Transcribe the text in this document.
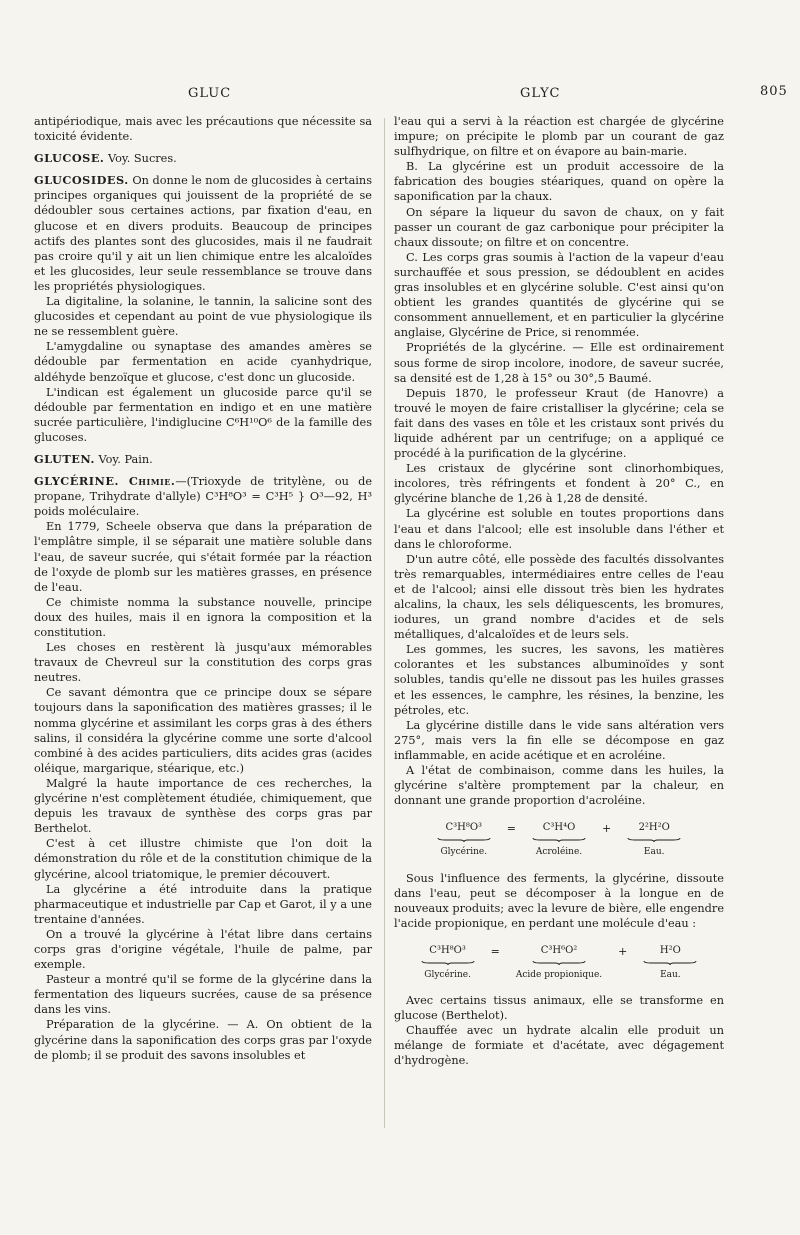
GLUC	GLYC	805

antipériodique, mais avec les précautions que nécessite sa toxicité évidente.

GLUCOSE. Voy. Sucres.

GLUCOSIDES. On donne le nom de glucosides à certains principes organiques qui jouissent de la propriété de se dédoubler sous certaines actions, par fixation d'eau, en glucose et en divers produits. Beaucoup de principes actifs des plantes sont des glucosides, mais il ne faudrait pas croire qu'il y ait un lien chimique entre les alcaloïdes et les glucosides, leur seule ressemblance se trouve dans les propriétés physiologiques.

La digitaline, la solanine, le tannin, la salicine sont des glucosides et cependant au point de vue physiologique ils ne se ressemblent guère.

L'amygdaline ou synaptase des amandes amères se dédouble par fermentation en acide cyanhydrique, aldéhyde benzoïque et glucose, c'est donc un glucoside.

L'indican est également un glucoside parce qu'il se dédouble par fermentation en indigo et en une matière sucrée particulière, l'indiglucine C⁶H¹⁰O⁶ de la famille des glucoses.

GLUTEN. Voy. Pain.

GLYCÉRINE. Chimie.—(Trioxyde de tritylène, ou de propane, Trihydrate d'allyle) C³H⁸O³ = C³H⁵ } O³—92, H³ poids moléculaire.

En 1779, Scheele observa que dans la préparation de l'emplâtre simple, il se séparait une matière soluble dans l'eau, de saveur sucrée, qui s'était formée par la réaction de l'oxyde de plomb sur les matières grasses, en présence de l'eau.

Ce chimiste nomma la substance nouvelle, principe doux des huiles, mais il en ignora la composition et la constitution.

Les choses en restèrent là jusqu'aux mémorables travaux de Chevreul sur la constitution des corps gras neutres.

Ce savant démontra que ce principe doux se sépare toujours dans la saponification des matières grasses; il le nomma glycérine et assimilant les corps gras à des éthers salins, il considéra la glycérine comme une sorte d'alcool combiné à des acides particuliers, dits acides gras (acides oléique, margarique, stéarique, etc.)

Malgré la haute importance de ces recherches, la glycérine n'est complètement étudiée, chimiquement, que depuis les travaux de synthèse des corps gras par Berthelot.

C'est à cet illustre chimiste que l'on doit la démonstration du rôle et de la constitution chimique de la glycérine, alcool triatomique, le premier découvert.

La glycérine a été introduite dans la pratique pharmaceutique et industrielle par Cap et Garot, il y a une trentaine d'années.

On a trouvé la glycérine à l'état libre dans certains corps gras d'origine végétale, l'huile de palme, par exemple.

Pasteur a montré qu'il se forme de la glycérine dans la fermentation des liqueurs sucrées, cause de sa présence dans les vins.

Préparation de la glycérine. — A. On obtient de la glycérine dans la saponification des corps gras par l'oxyde de plomb; il se produit des savons insolubles et

l'eau qui a servi à la réaction est chargée de glycérine impure; on précipite le plomb par un courant de gaz sulfhydrique, on filtre et on évapore au bain-marie.

B. La glycérine est un produit accessoire de la fabrication des bougies stéariques, quand on opère la saponification par la chaux.

On sépare la liqueur du savon de chaux, on y fait passer un courant de gaz carbonique pour précipiter la chaux dissoute; on filtre et on concentre.

C. Les corps gras soumis à l'action de la vapeur d'eau surchauffée et sous pression, se dédoublent en acides gras insolubles et en glycérine soluble. C'est ainsi qu'on obtient les grandes quantités de glycérine qui se consomment annuellement, et en particulier la glycérine anglaise, Glycérine de Price, si renommée.

Propriétés de la glycérine. — Elle est ordinairement sous forme de sirop incolore, inodore, de saveur sucrée, sa densité est de 1,28 à 15° ou 30°,5 Baumé.

Depuis 1870, le professeur Kraut (de Hanovre) a trouvé le moyen de faire cristalliser la glycérine; cela se fait dans des vases en tôle et les cristaux sont privés du liquide adhérent par un centrifuge; on a appliqué ce procédé à la purification de la glycérine.

Les cristaux de glycérine sont clinorhombiques, incolores, très réfringents et fondent à 20° C., en glycérine blanche de 1,26 à 1,28 de densité.

La glycérine est soluble en toutes proportions dans l'eau et dans l'alcool; elle est insoluble dans l'éther et dans le chloroforme.

D'un autre côté, elle possède des facultés dissolvantes très remarquables, intermédiaires entre celles de l'eau et de l'alcool; ainsi elle dissout très bien les hydrates alcalins, la chaux, les sels déliquescents, les bromures, iodures, un grand nombre d'acides et de sels métalliques, d'alcaloïdes et de leurs sels.

Les gommes, les sucres, les savons, les matières colorantes et les substances albuminoïdes y sont solubles, tandis qu'elle ne dissout pas les huiles grasses et les essences, le camphre, les résines, la benzine, les pétroles, etc.

La glycérine distille dans le vide sans altération vers 275°, mais vers la fin elle se décompose en gaz inflammable, en acide acétique et en acroléine.

A l'état de combinaison, comme dans les huiles, la glycérine s'altère promptement par la chaleur, en donnant une grande proportion d'acroléine.

C³H⁸O³
Glycérine.
=	C³H⁴O
Acroléine.
+	2²H²O
Eau.

Sous l'influence des ferments, la glycérine, dissoute dans l'eau, peut se décomposer à la longue en de nouveaux produits; avec la levure de bière, elle engendre l'acide propionique, en perdant une molécule d'eau :

C³H⁸O³
Glycérine.
=	C³H⁶O²
Acide propionique.
+	H²O
Eau.

Avec certains tissus animaux, elle se transforme en glucose (Berthelot).

Chauffée avec un hydrate alcalin elle produit un mélange de formiate et d'acétate, avec dégagement d'hydrogène.
